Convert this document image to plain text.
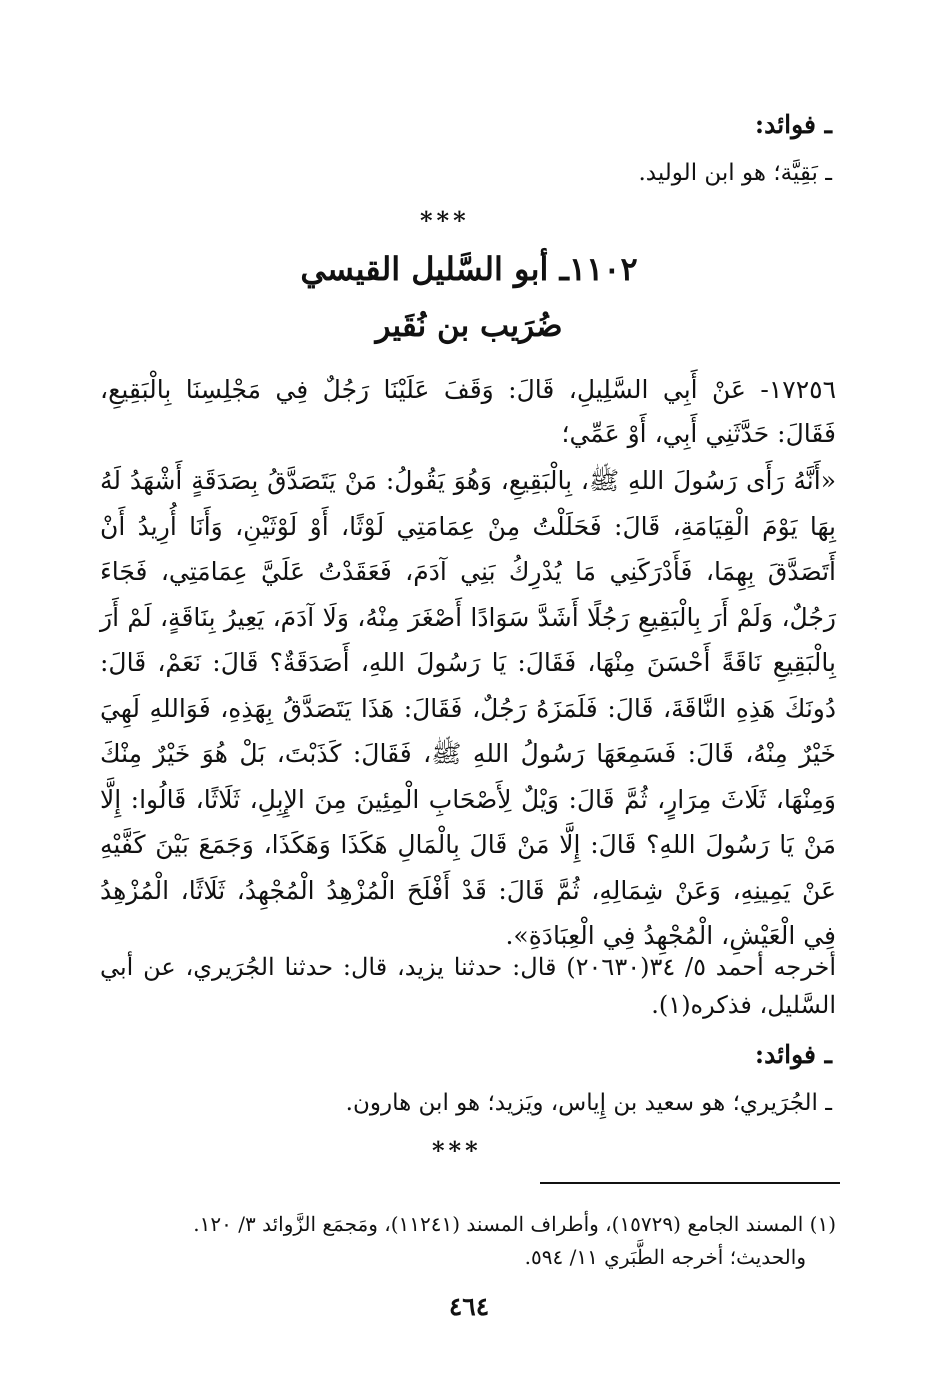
ـ فوائد:
ـ بَقِيَّة؛ هو ابن الوليد.
***
١١٠٢ـ أبو السَّليل القيسي
ضُرَيب بن نُقَير
١٧٢٥٦- عَنْ أَبِي السَّلِيلِ، قَالَ: وَقَفَ عَلَيْنَا رَجُلٌ فِي مَجْلِسِنَا بِالْبَقِيعِ، فَقَالَ: حَدَّثَنِي أَبِي، أَوْ عَمِّي؛
«أَنَّهُ رَأَى رَسُولَ اللهِ ﷺ، بِالْبَقِيعِ، وَهُوَ يَقُولُ: مَنْ يَتَصَدَّقُ بِصَدَقَةٍ أَشْهَدُ لَهُ بِهَا يَوْمَ الْقِيَامَةِ، قَالَ: فَحَلَلْتُ مِنْ عِمَامَتِي لَوْثًا، أَوْ لَوْثَيْنِ، وَأَنَا أُرِيدُ أَنْ أَتَصَدَّقَ بِهِمَا، فَأَدْرَكَنِي مَا يُدْرِكُ بَنِي آدَمَ، فَعَقَدْتُ عَلَيَّ عِمَامَتِي، فَجَاءَ رَجُلٌ، وَلَمْ أَرَ بِالْبَقِيعِ رَجُلًا أَشَدَّ سَوَادًا أَصْغَرَ مِنْهُ، وَلَا آدَمَ، يَعِيرُ بِنَاقَةٍ، لَمْ أَرَ بِالْبَقِيعِ نَاقَةً أَحْسَنَ مِنْهَا، فَقَالَ: يَا رَسُولَ اللهِ، أَصَدَقَةٌ؟ قَالَ: نَعَمْ، قَالَ: دُونَكَ هَذِهِ النَّاقَةَ، قَالَ: فَلَمَزَهُ رَجُلٌ، فَقَالَ: هَذَا يَتَصَدَّقُ بِهَذِهِ، فَوَاللهِ لَهِيَ خَيْرٌ مِنْهُ، قَالَ: فَسَمِعَهَا رَسُولُ اللهِ ﷺ، فَقَالَ: كَذَبْتَ، بَلْ هُوَ خَيْرٌ مِنْكَ وَمِنْهَا، ثَلَاثَ مِرَارٍ، ثُمَّ قَالَ: وَيْلٌ لِأَصْحَابِ الْمِئِينَ مِنَ الإِبِلِ، ثَلَاثًا، قَالُوا: إِلَّا مَنْ يَا رَسُولَ اللهِ؟ قَالَ: إِلَّا مَنْ قَالَ بِالْمَالِ هَكَذَا وَهَكَذَا، وَجَمَعَ بَيْنَ كَفَّيْهِ عَنْ يَمِينِهِ، وَعَنْ شِمَالِهِ، ثُمَّ قَالَ: قَدْ أَفْلَحَ الْمُزْهِدُ الْمُجْهِدُ، ثَلَاثًا، الْمُزْهِدُ فِي الْعَيْشِ، الْمُجْهِدُ فِي الْعِبَادَةِ».
أخرجه أحمد ٥/ ٣٤(٢٠٦٣٠) قال: حدثنا يزيد، قال: حدثنا الجُرَيري، عن أبي السَّليل، فذكره(١).
ـ فوائد:
ـ الجُرَيري؛ هو سعيد بن إِياس، ويَزيد؛ هو ابن هارون.
***
(١) المسند الجامع (١٥٧٢٩)، وأطراف المسند (١١٢٤١)، ومَجمَع الزَّوائد ٣/ ١٢٠.
والحديث؛ أخرجه الطَّبَري ١١/ ٥٩٤.
٤٦٤
